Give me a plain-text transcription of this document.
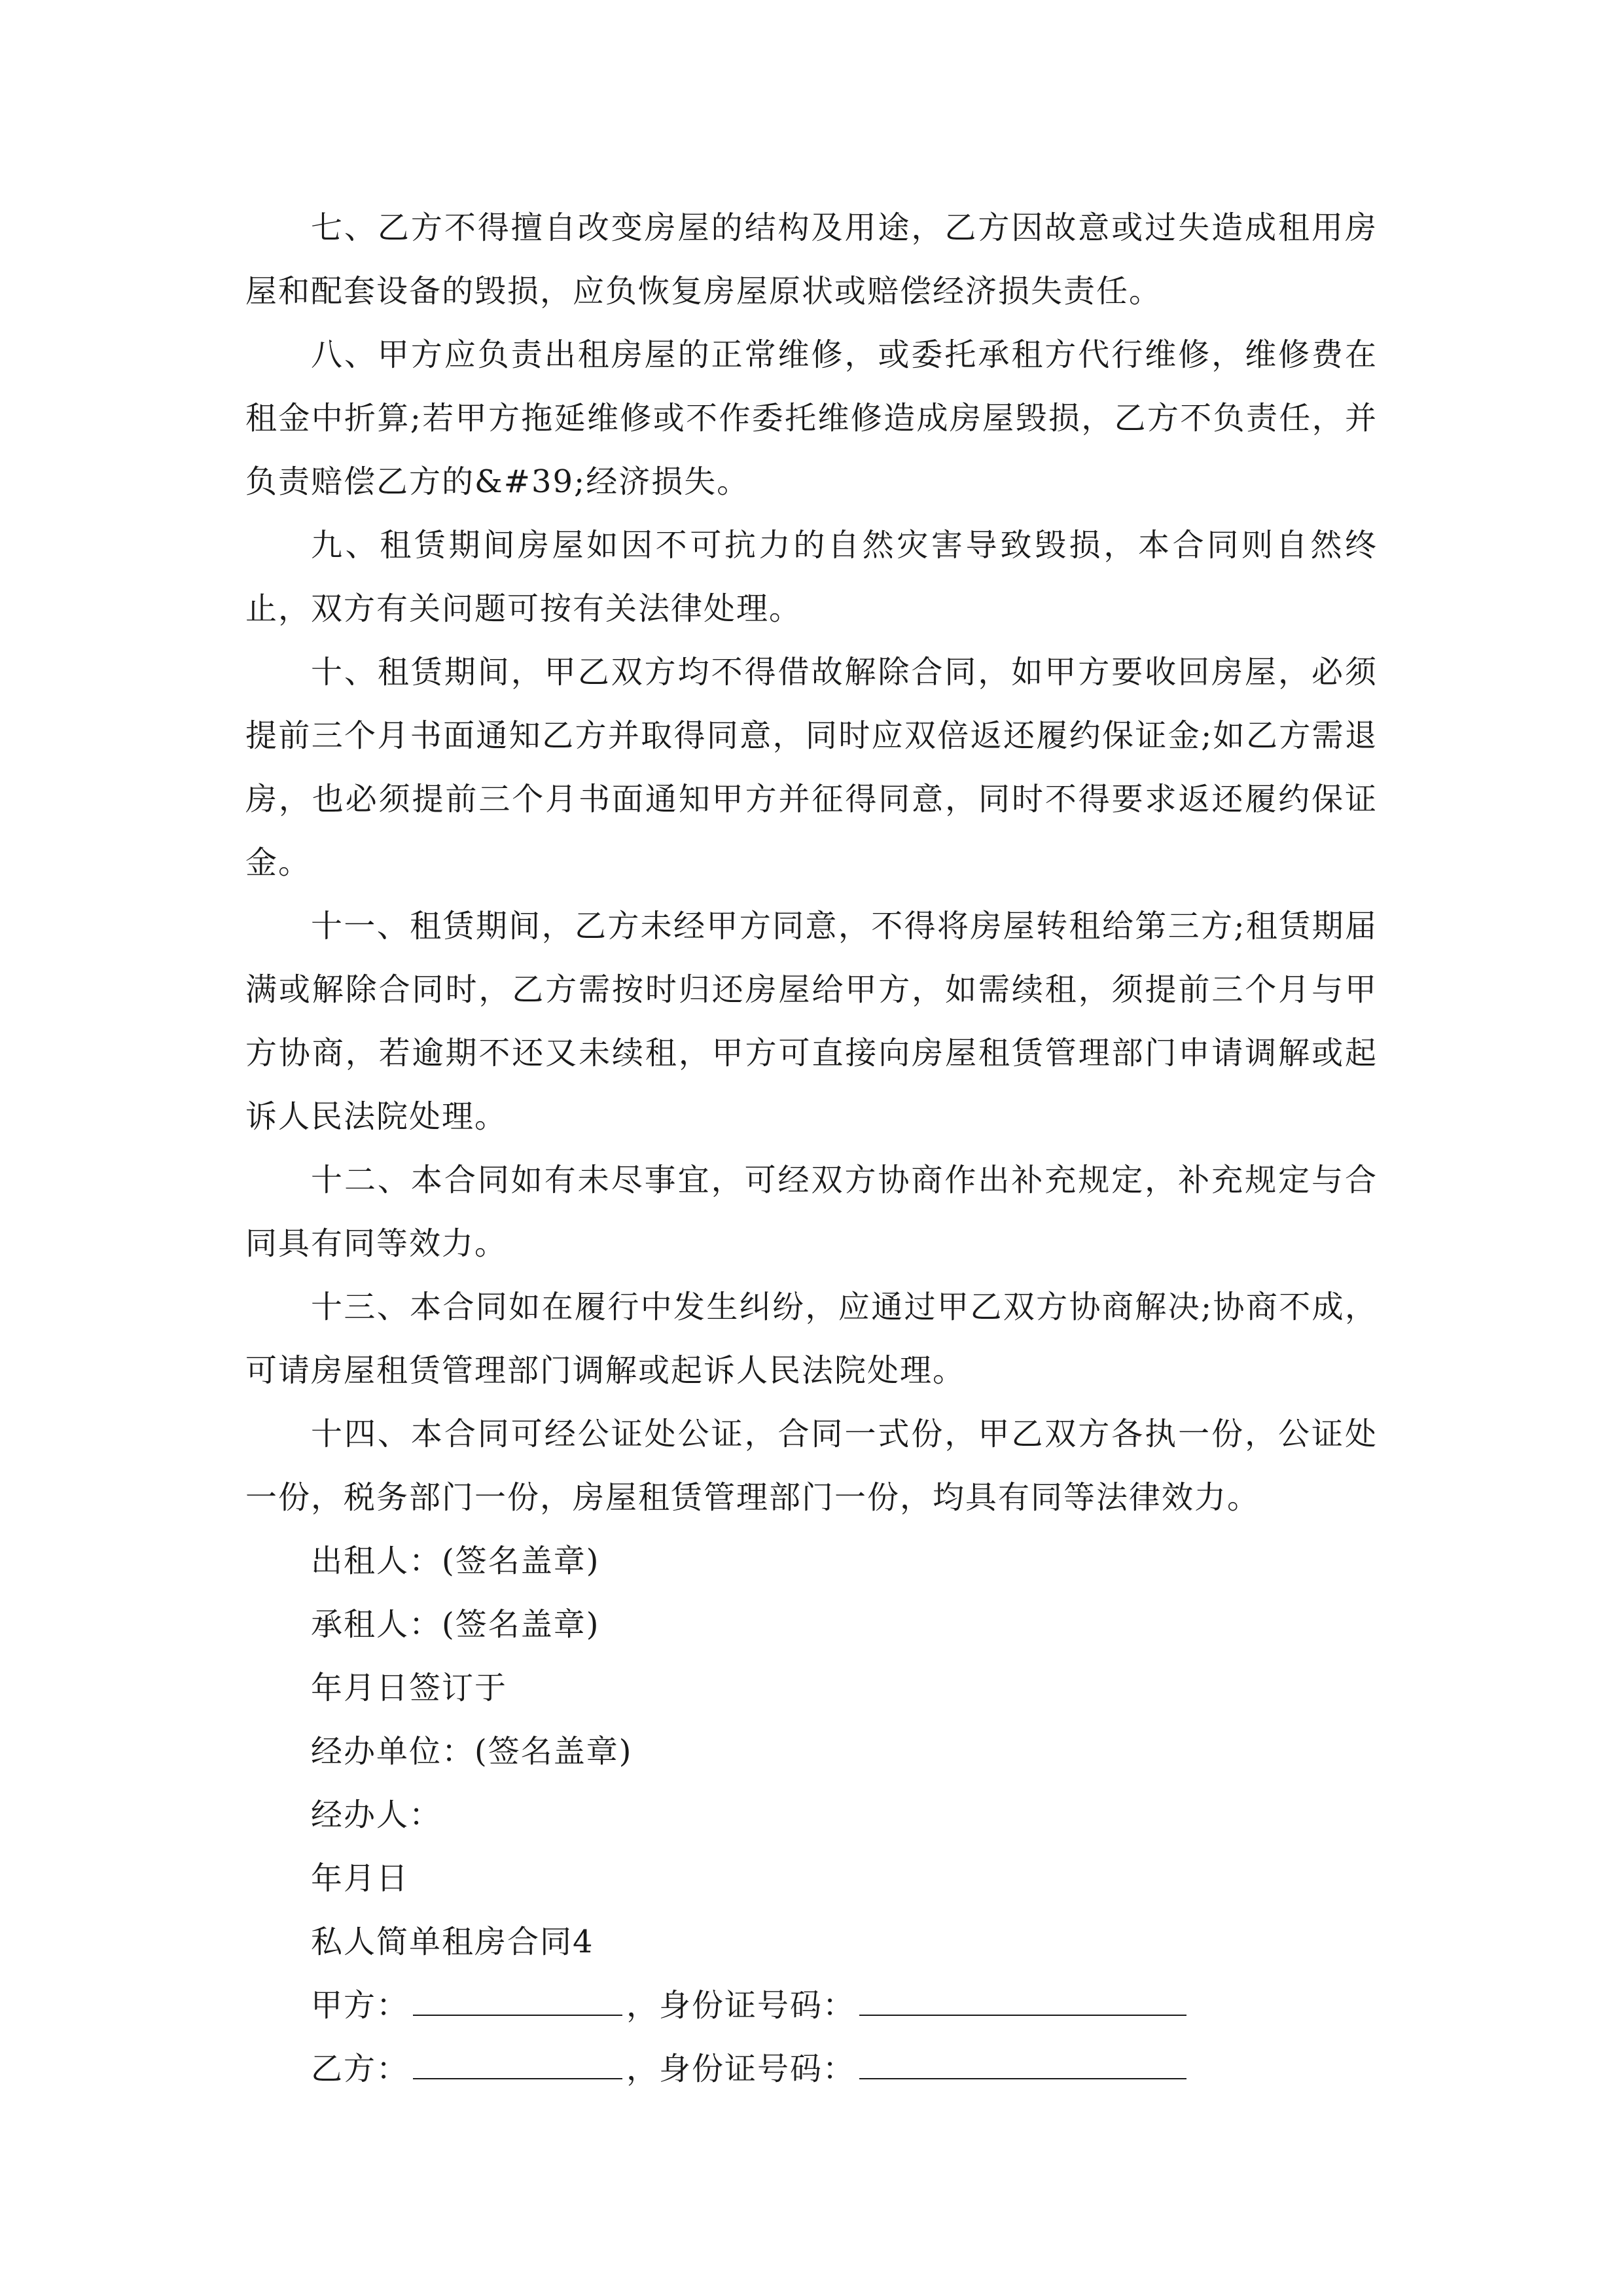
七、乙方不得擅自改变房屋的结构及用途，乙方因故意或过失造成租用房屋和配套设备的毁损，应负恢复房屋原状或赔偿经济损失责任。

八、甲方应负责出租房屋的正常维修，或委托承租方代行维修，维修费在租金中折算;若甲方拖延维修或不作委托维修造成房屋毁损，乙方不负责任，并负责赔偿乙方的&#39;经济损失。

九、租赁期间房屋如因不可抗力的自然灾害导致毁损，本合同则自然终止，双方有关问题可按有关法律处理。

十、租赁期间，甲乙双方均不得借故解除合同，如甲方要收回房屋，必须提前三个月书面通知乙方并取得同意，同时应双倍返还履约保证金;如乙方需退房，也必须提前三个月书面通知甲方并征得同意，同时不得要求返还履约保证金。

十一、租赁期间，乙方未经甲方同意，不得将房屋转租给第三方;租赁期届满或解除合同时，乙方需按时归还房屋给甲方，如需续租，须提前三个月与甲方协商，若逾期不还又未续租，甲方可直接向房屋租赁管理部门申请调解或起诉人民法院处理。

十二、本合同如有未尽事宜，可经双方协商作出补充规定，补充规定与合同具有同等效力。

十三、本合同如在履行中发生纠纷，应通过甲乙双方协商解决;协商不成，可请房屋租赁管理部门调解或起诉人民法院处理。

十四、本合同可经公证处公证，合同一式份，甲乙双方各执一份，公证处一份，税务部门一份，房屋租赁管理部门一份，均具有同等法律效力。

出租人：(签名盖章)

承租人：(签名盖章)

年月日签订于

经办单位：(签名盖章)

经办人：

年月日

私人简单租房合同4

甲方：	，身份证号码：

乙方：	，身份证号码：
